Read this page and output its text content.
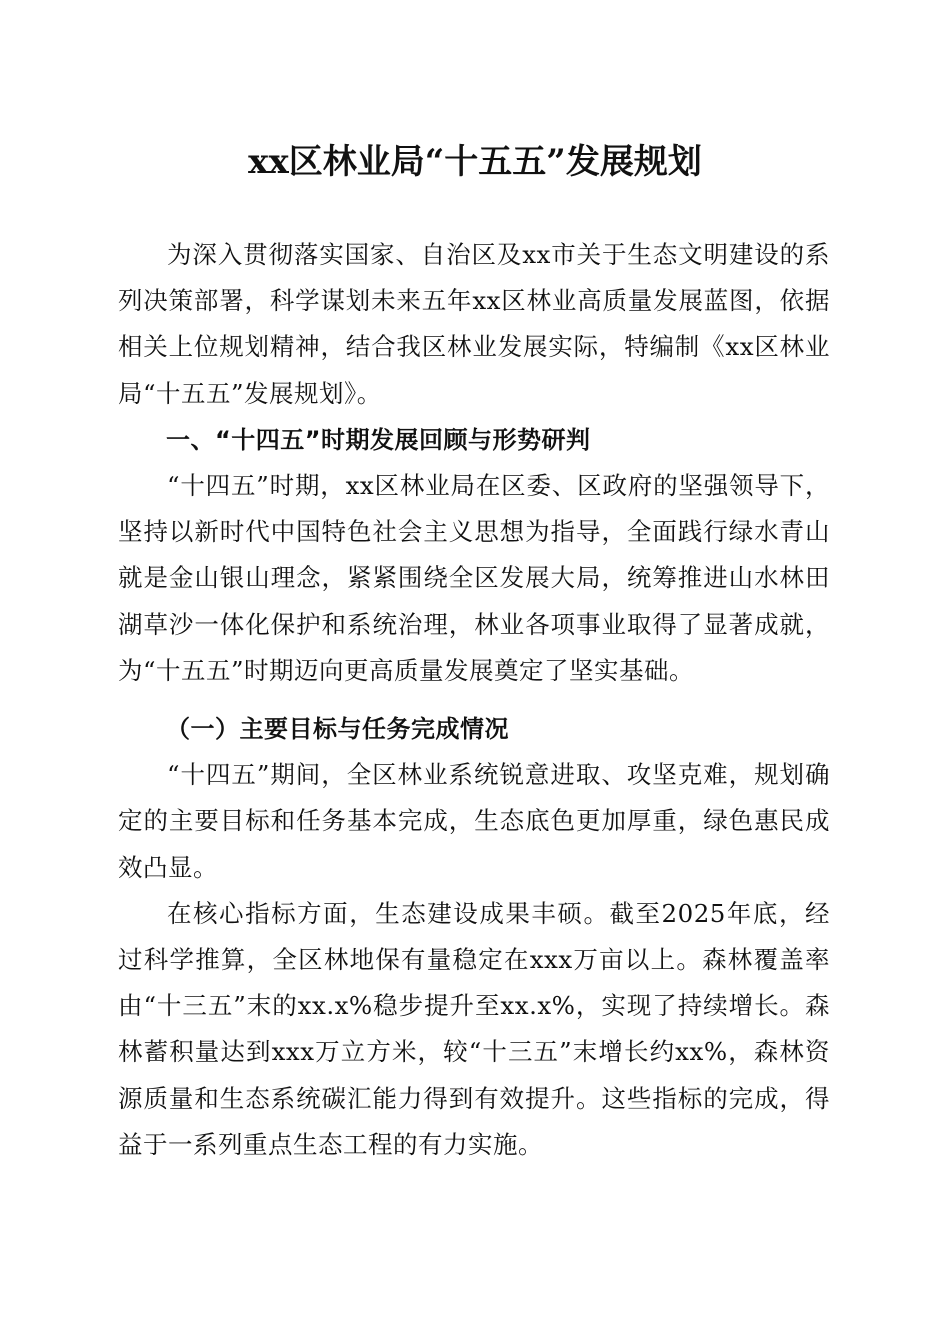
xx区林业局“十五五”发展规划

为深入贯彻落实国家、自治区及xx市关于生态文明建设的系列决策部署，科学谋划未来五年xx区林业高质量发展蓝图，依据相关上位规划精神，结合我区林业发展实际，特编制《xx区林业局“十五五”发展规划》。

一、“十四五”时期发展回顾与形势研判

“十四五”时期，xx区林业局在区委、区政府的坚强领导下，坚持以新时代中国特色社会主义思想为指导，全面践行绿水青山就是金山银山理念，紧紧围绕全区发展大局，统筹推进山水林田湖草沙一体化保护和系统治理，林业各项事业取得了显著成就，为“十五五”时期迈向更高质量发展奠定了坚实基础。

（一）主要目标与任务完成情况

“十四五”期间，全区林业系统锐意进取、攻坚克难，规划确定的主要目标和任务基本完成，生态底色更加厚重，绿色惠民成效凸显。

在核心指标方面，生态建设成果丰硕。截至2025年底，经过科学推算，全区林地保有量稳定在xxx万亩以上。森林覆盖率由“十三五”末的xx.x%稳步提升至xx.x%，实现了持续增长。森林蓄积量达到xxx万立方米，较“十三五”末增长约xx%，森林资源质量和生态系统碳汇能力得到有效提升。这些指标的完成，得益于一系列重点生态工程的有力实施。
